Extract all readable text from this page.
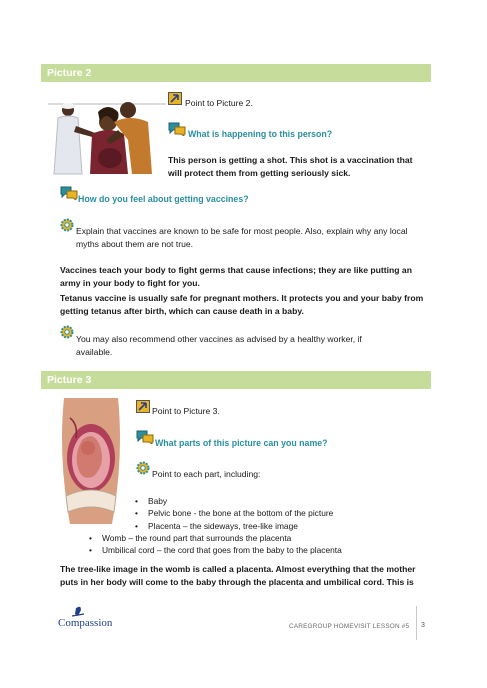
Picture 2
Point to Picture 2.
What is happening to this person?
This person is getting a shot. This shot is a vaccination that will protect them from getting seriously sick.
How do you feel about getting vaccines?
Explain that vaccines are known to be safe for most people. Also, explain why any local myths about them are not true.
Vaccines teach your body to fight germs that cause infections; they are like putting an army in your body to fight for you.
Tetanus vaccine is usually safe for pregnant mothers. It protects you and your baby from getting tetanus after birth, which can cause death in a baby.
You may also recommend other vaccines as advised by a healthy worker, if available.
Picture 3
Point to Picture 3.
What parts of this picture can you name?
Point to each part, including:
• Baby
• Pelvic bone - the bone at the bottom of the picture
• Placenta – the sideways, tree-like image
• Womb – the round part that surrounds the placenta
• Umbilical cord – the cord that goes from the baby to the placenta
The tree-like image in the womb is called a placenta. Almost everything that the mother puts in her body will come to the baby through the placenta and umbilical cord. This is
Compassion	CAREGROUP HOMEVISIT LESSON #5 3
